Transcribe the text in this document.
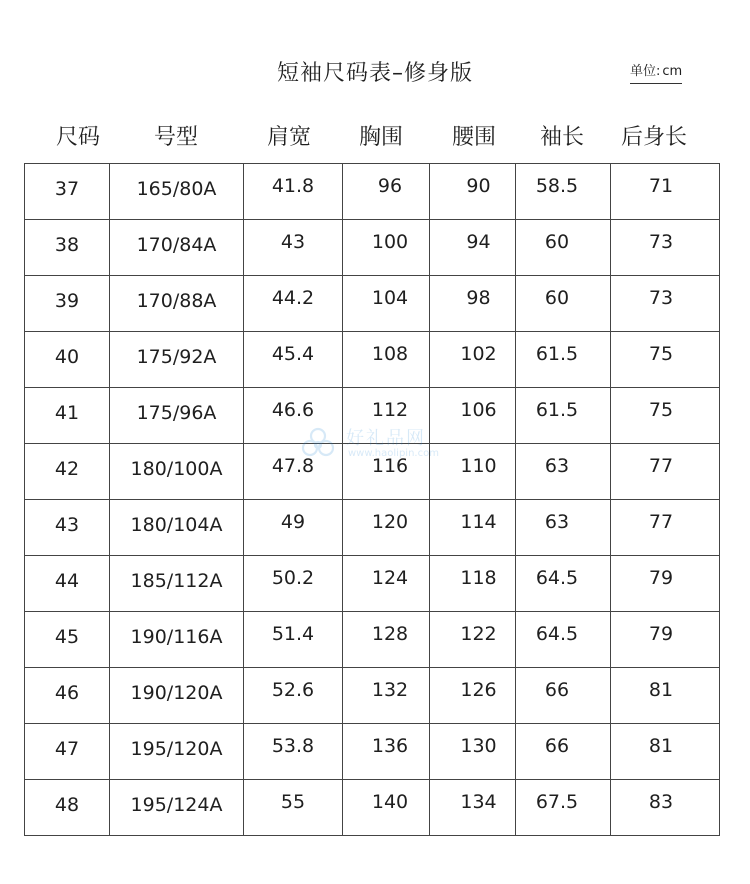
短袖尺码表–修身版	单位: cm
尺码 号型	肩宽 胸围 腰围 袖长 后身长
37	165/80A	41.8	96	90	58.5	71

38	170/84A	43	100	94	60	73

39	170/88A	44.2	104	98	60	73

40	175/92A	45.4	108	102	61.5	75

41	175/96A	46.6	112	106	61.5	75

42	180/100A	47.8	116	110	63	77

43	180/104A	49	120	114	63	77

44	185/112A	50.2	124	118	64.5	79

45	190/116A	51.4	128	122	64.5	79

46	190/120A	52.6	132	126	66	81

47	195/120A	53.8	136	130	66	81

48	195/124A	55	140	134	67.5	83
好礼品网
www.haolipin.com
